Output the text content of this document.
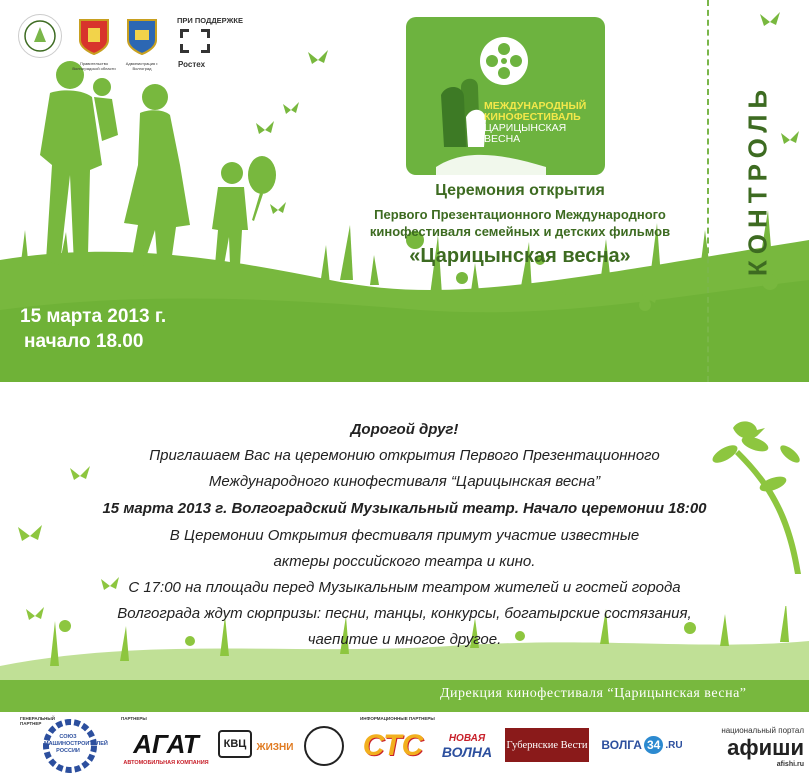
Правительство Волгоградской области
Администрация г. Волгоград
ПРИ ПОДДЕРЖКЕ
Ростех
МЕЖДУНАРОДНЫЙ
КИНОФЕСТИВАЛЬ
ЦАРИЦЫНСКАЯ
ВЕСНА
Церемония открытия
Первого Презентационного Международного
кинофестиваля семейных и детских фильмов
«Царицынская весна»
15 марта 2013 г.
начало 18.00
КОНТРОЛЬ
Дорогой друг!
Приглашаем Вас на церемонию открытия Первого Презентационного
Международного кинофестиваля “Царицынская весна”
15 марта 2013 г. Волгоградский Музыкальный театр. Начало церемонии 18:00
В Церемонии Открытия фестиваля примут участие известные
актеры российского театра и кино.
С 17:00 на площади перед Музыкальным театром жителей и гостей города
Волгограда ждут сюрпризы: песни, танцы, конкурсы, богатырские состязания,
чаепитие и многое другое.
Дирекция кинофестиваля “Царицынская весна”
ГЕНЕРАЛЬНЫЙ ПАРТНЕР
ПАРТНЕРЫ	ИНФОРМАЦИОННЫЕ ПАРТНЕРЫ
СОЮЗ МАШИНОСТРОИТЕЛЕЙ РОССИИ	АГАТ
АВТОМОБИЛЬНАЯ КОМПАНИЯ
КВЦ ЖИЗНИ СТС	НОВАЯ
ВОЛНА Губернские Вести ВОЛГА 34 .RU
национальный портал
афиши
afishi.ru
